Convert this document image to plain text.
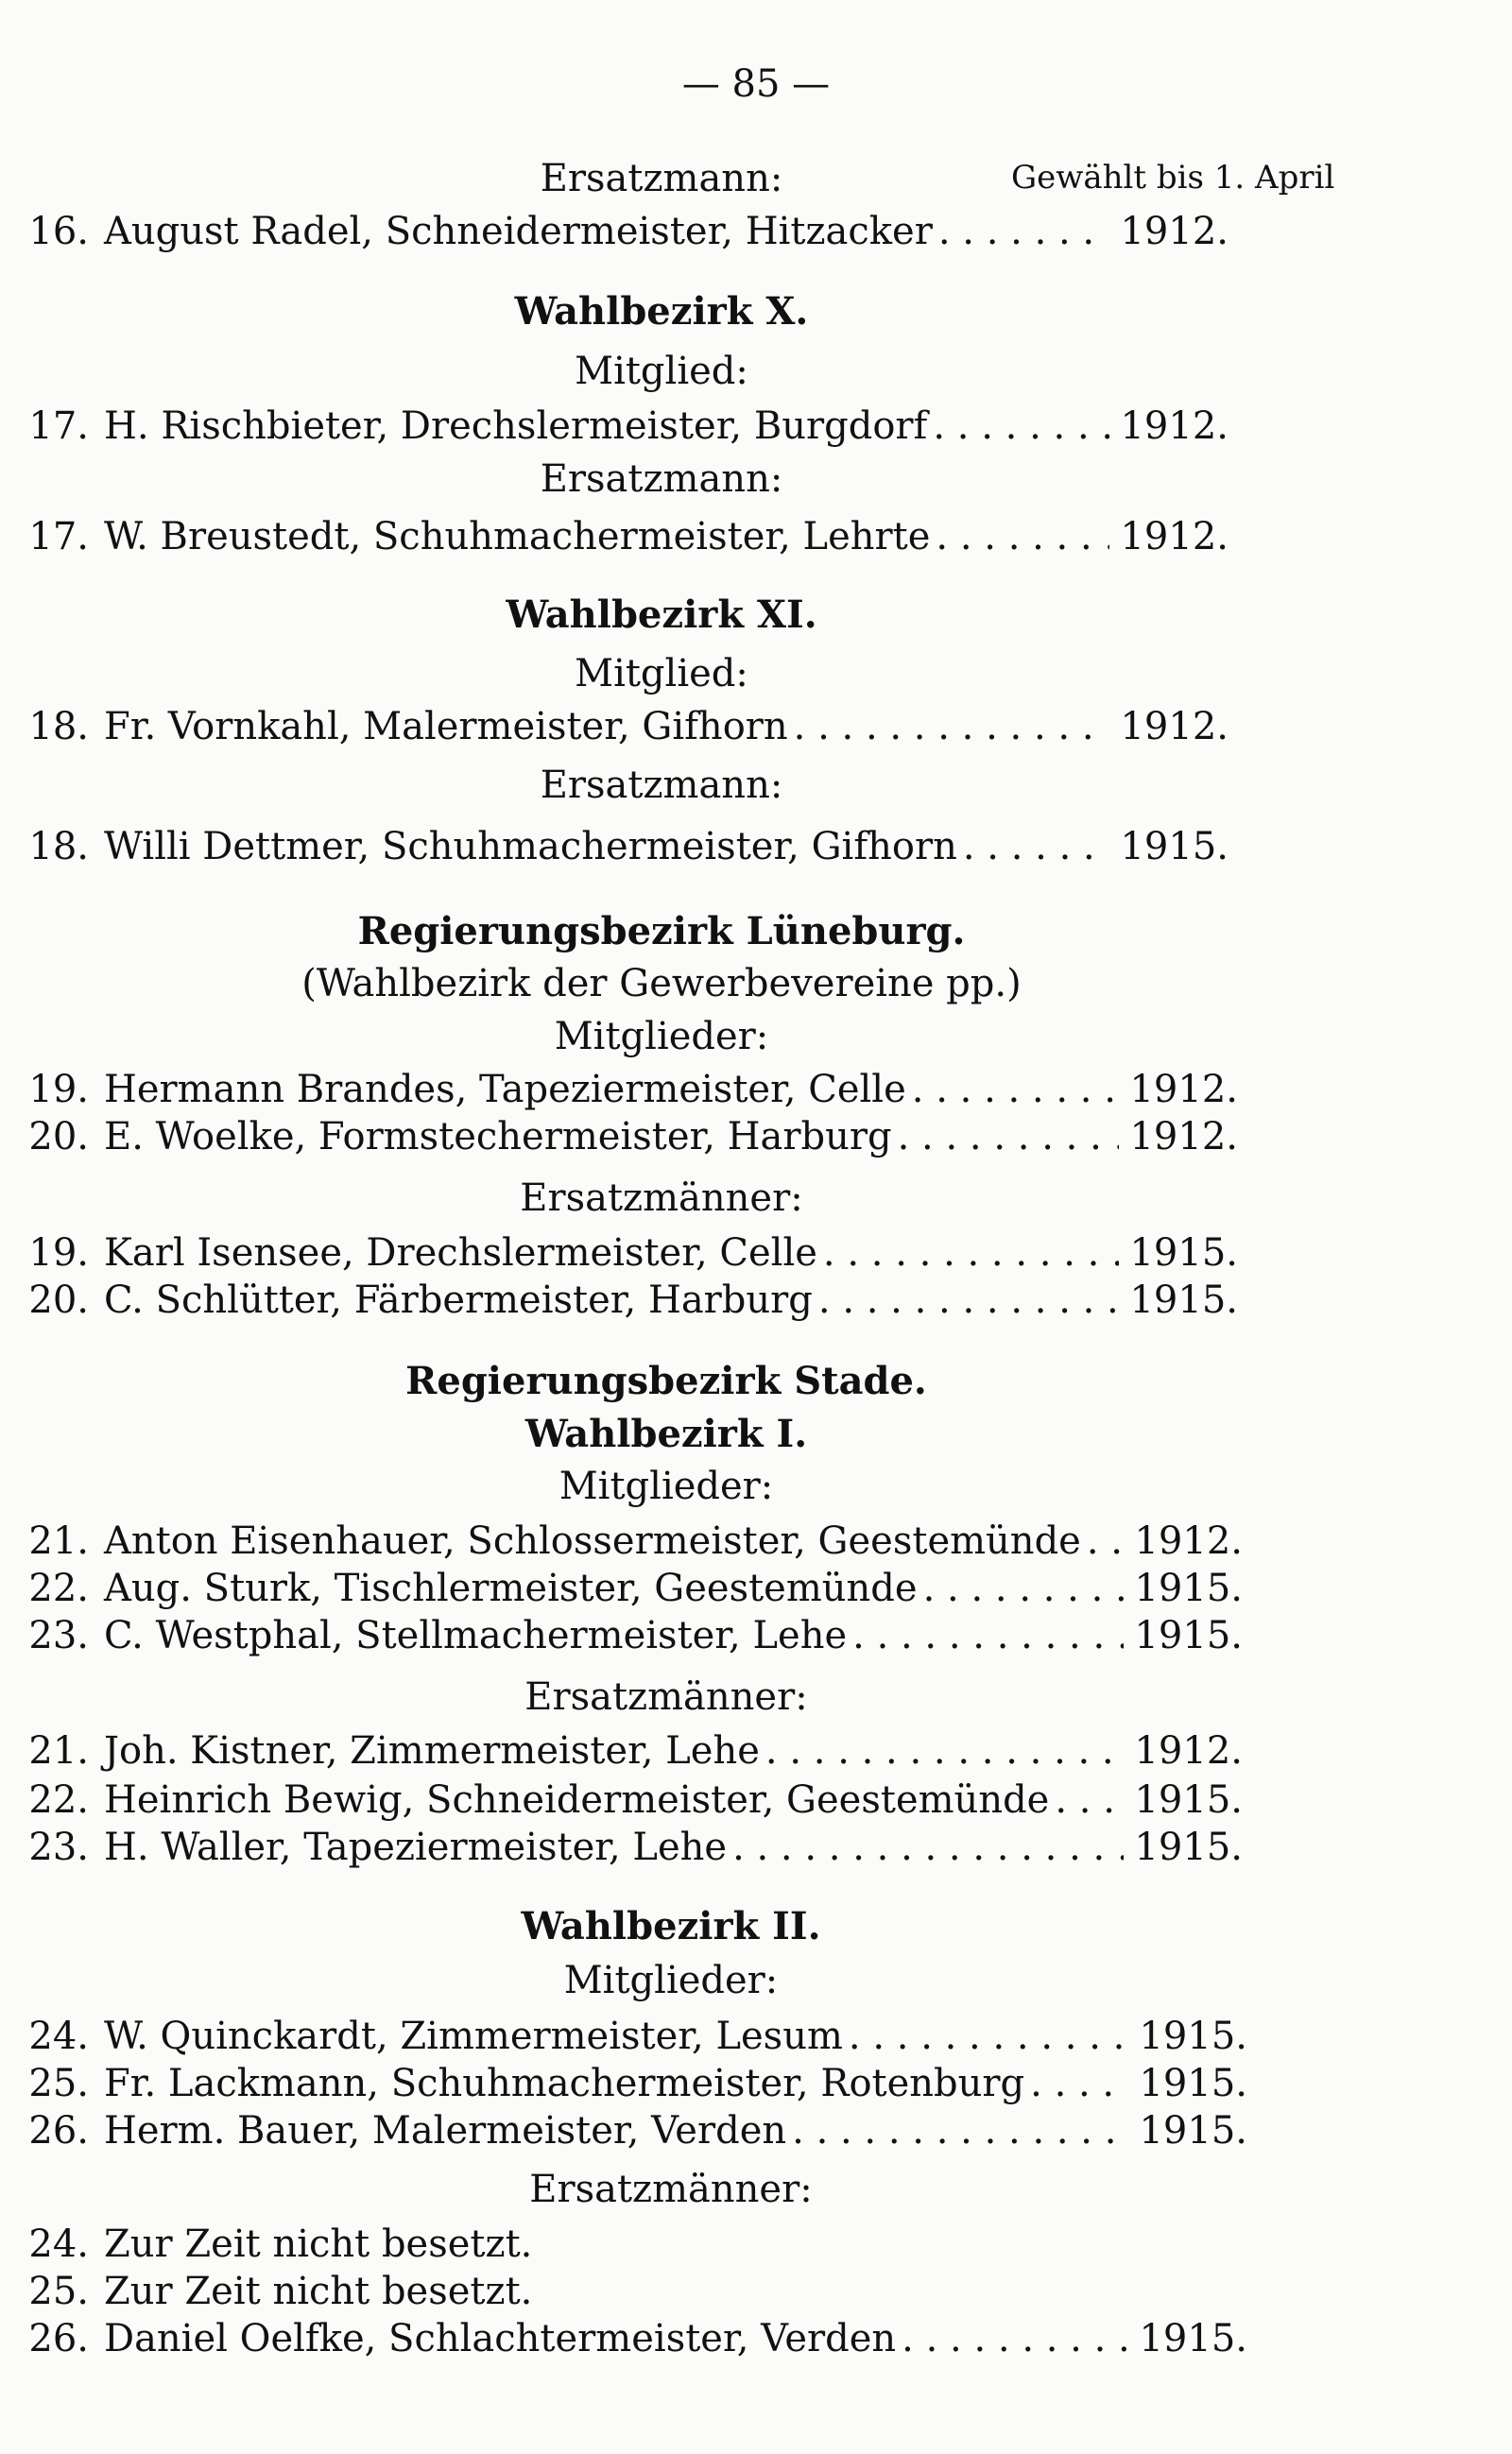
— 85 —
Ersatzmann:	Gewählt bis 1. April
16. August Radel, Schneidermeister, Hitzacker . . .	1912.
Wahlbezirk X.
Mitglied:
17. H. Rischbieter, Drechslermeister, Burgdorf . . .	1912.
Ersatzmann:
17. W. Breustedt, Schuhmachermeister, Lehrte . . .	1912.
Wahlbezirk XI.
Mitglied:
18. Fr. Vornkahl, Malermeister, Gifhorn . . .	1912.
Ersatzmann:
18. Willi Dettmer, Schuhmachermeister, Gifhorn . . .	1915.
Regierungsbezirk Lüneburg.
(Wahlbezirk der Gewerbevereine pp.)
Mitglieder:
19. Hermann Brandes, Tapeziermeister, Celle . . .	1912.
20. E. Woelke, Formstechermeister, Harburg . . .	1912.
Ersatzmänner:
19. Karl Isensee, Drechslermeister, Celle . . .	1915.
20. C. Schlütter, Färbermeister, Harburg . . .	1915.
Regierungsbezirk Stade.
Wahlbezirk I.
Mitglieder:
21. Anton Eisenhauer, Schlossermeister, Geestemünde . . . 1912.
22. Aug. Sturk, Tischlermeister, Geestemünde . . .	1915.
23. C. Westphal, Stellmachermeister, Lehe . . .	1915.
Ersatzmänner:
21. Joh. Kistner, Zimmermeister, Lehe . . .	1912.
22. Heinrich Bewig, Schneidermeister, Geestemünde . . . 1915.
23. H. Waller, Tapeziermeister, Lehe . . .	1915.
Wahlbezirk II.
Mitglieder:
24. W. Quinckardt, Zimmermeister, Lesum . . .	1915.
25. Fr. Lackmann, Schuhmachermeister, Rotenburg . . .	1915.
26. Herm. Bauer, Malermeister, Verden . . .	1915.
Ersatzmänner:
24. Zur Zeit nicht besetzt.
25. Zur Zeit nicht besetzt.
26. Daniel Oelfke, Schlachtermeister, Verden . . .	1915.
